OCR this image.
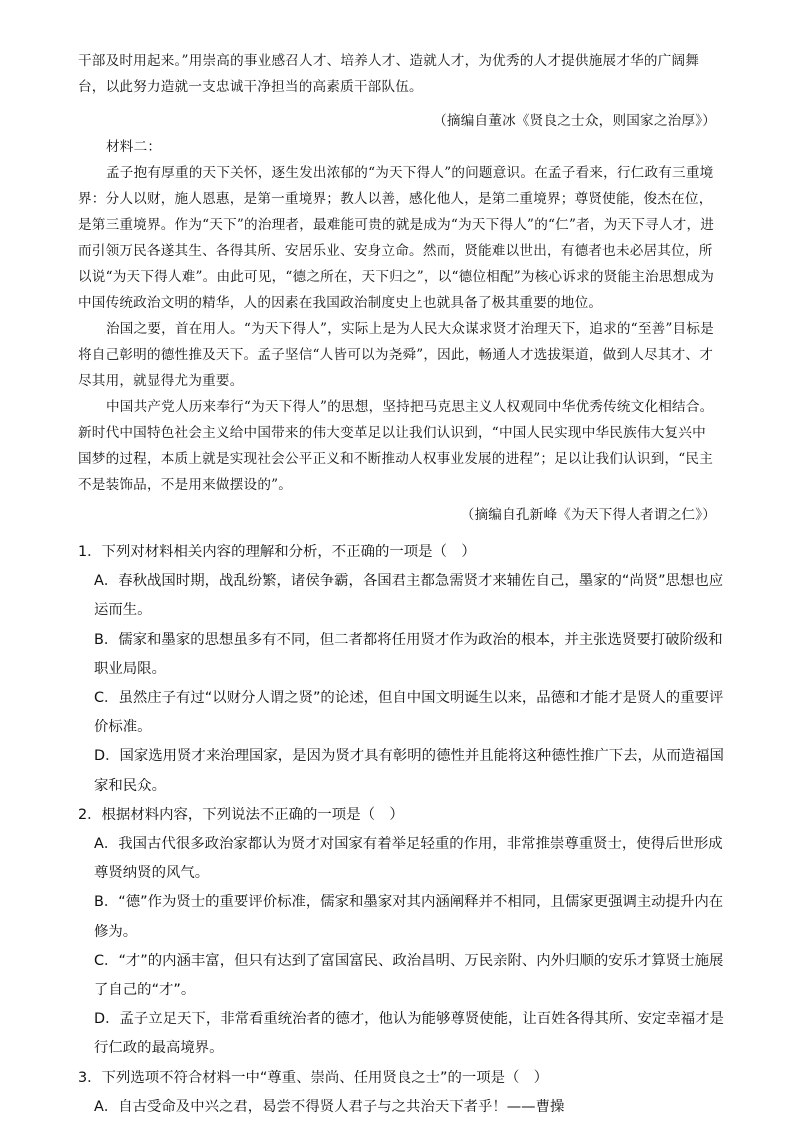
干部及时用起来。”用崇高的事业感召人才、培养人才、造就人才，为优秀的人才提供施展才华的广阔舞

台，以此努力造就一支忠诚干净担当的高素质干部队伍。

（摘编自董冰《贤良之士众，则国家之治厚》）

材料二：

孟子抱有厚重的天下关怀，逐生发出浓郁的“为天下得人”的问题意识。在孟子看来，行仁政有三重境界：分人以财，施人恩惠，是第一重境界；教人以善，感化他人，是第二重境界；尊贤使能，俊杰在位，是第三重境界。作为“天下”的治理者，最难能可贵的就是成为“为天下得人”的“仁”者，为天下寻人才，进而引领万民各遂其生、各得其所、安居乐业、安身立命。然而，贤能难以世出，有德者也未必居其位，所以说“为天下得人难”。由此可见，“德之所在，天下归之”，以“德位相配”为核心诉求的贤能主治思想成为中国传统政治文明的精华，人的因素在我国政治制度史上也就具备了极其重要的地位。

治国之要，首在用人。“为天下得人”，实际上是为人民大众谋求贤才治理天下，追求的“至善”目标是将自己彰明的德性推及天下。孟子坚信“人皆可以为尧舜”，因此，畅通人才选拔渠道，做到人尽其才、才尽其用，就显得尤为重要。

中国共产党人历来奉行“为天下得人”的思想，坚持把马克思主义人权观同中华优秀传统文化相结合。新时代中国特色社会主义给中国带来的伟大变革足以让我们认识到，“中国人民实现中华民族伟大复兴中国梦的过程，本质上就是实现社会公平正义和不断推动人权事业发展的进程”；足以让我们认识到，“民主不是装饰品，不是用来做摆设的”。

（摘编自孔新峰《为天下得人者谓之仁》）

1．下列对材料相关内容的理解和分析，不正确的一项是（　）

A．春秋战国时期，战乱纷繁，诸侯争霸，各国君主都急需贤才来辅佐自己，墨家的“尚贤”思想也应运而生。

B．儒家和墨家的思想虽多有不同，但二者都将任用贤才作为政治的根本，并主张选贤要打破阶级和职业局限。

C．虽然庄子有过“以财分人谓之贤”的论述，但自中国文明诞生以来，品德和才能才是贤人的重要评价标准。

D．国家选用贤才来治理国家，是因为贤才具有彰明的德性并且能将这种德性推广下去，从而造福国家和民众。

2．根据材料内容，下列说法不正确的一项是（　）

A．我国古代很多政治家都认为贤才对国家有着举足轻重的作用，非常推崇尊重贤士，使得后世形成尊贤纳贤的风气。

B．“德”作为贤士的重要评价标准，儒家和墨家对其内涵阐释并不相同，且儒家更强调主动提升内在修为。

C．“才”的内涵丰富，但只有达到了富国富民、政治昌明、万民亲附、内外归顺的安乐才算贤士施展了自己的“才”。

D．孟子立足天下，非常看重统治者的德才，他认为能够尊贤使能，让百姓各得其所、安定幸福才是行仁政的最高境界。

3．下列选项不符合材料一中“尊重、崇尚、任用贤良之士”的一项是（　）

A．自古受命及中兴之君，曷尝不得贤人君子与之共治天下者乎！——曹操
